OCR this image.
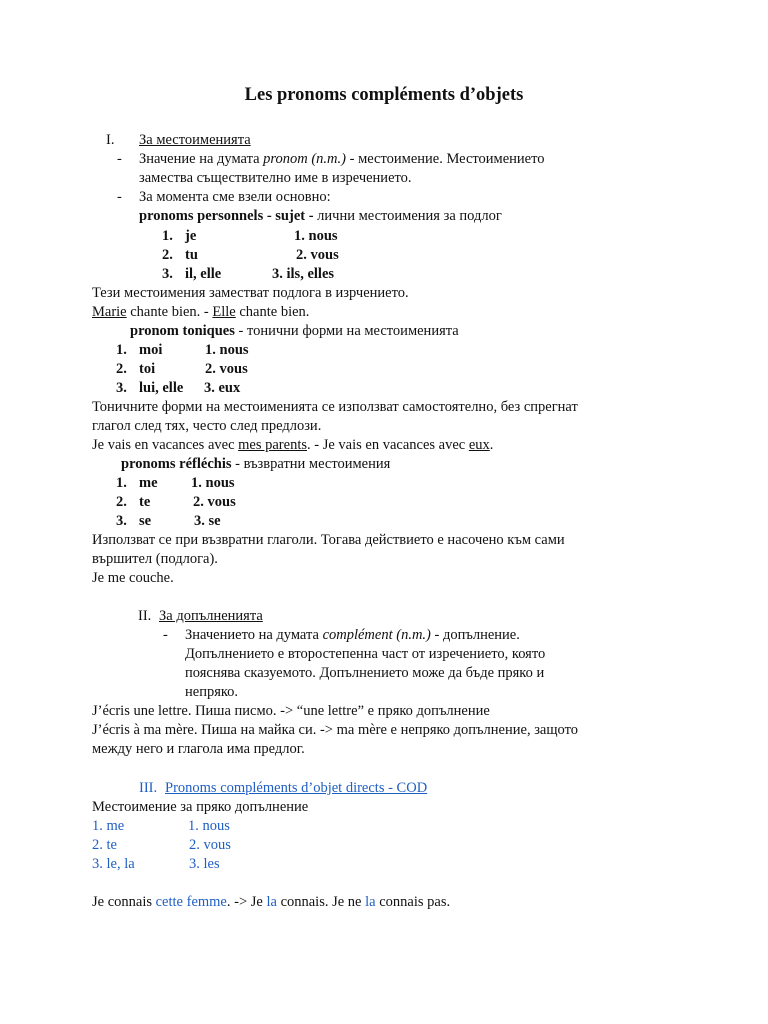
Les pronoms compléments d’objets
I. За местоименията
- Значение на думата pronom (n.m.) - местоимение. Местоимението
замества съществително име в изречението.
- За момента сме взели основно:
pronoms personnels - sujet - лични местоимения за подлог
1. je	1. nous
2. tu	2. vous
3. il, elle	3. ils, elles
Тези местоимения заместват подлога в изрчението.
Marie chante bien. - Elle chante bien.
pronom toniques - тонични форми на местоименията
1. moi	1. nous
2. toi	2. vous
3. lui, elle 3. eux
Тоничните форми на местоименията се използват самостоятелно, без спрегнат
глагол след тях, често след предлози.
Je vais en vacances avec mes parents. - Je vais en vacances avec eux.
pronoms réfléchis - възвратни местоимения
1. me 1. nous
2. te	2. vous
3. se	3. se
Използват се при възвратни глаголи. Тогава действието е насочено към сами
вършител (подлога).
Je me couche.
II. За допълненията
- Значението на думата complément (n.m.) - допълнение.
Допълнението е второстепенна част от изречението, която
пояснява сказуемото. Допълнението може да бъде пряко и
непряко.
J’écris une lettre. Пиша писмо. -> “une lettre” е пряко допълнение
J’écris à ma mère. Пиша на майка си. -> ma mère е непряко допълнение, защото
между него и глагола има предлог.
III. Pronoms compléments d’objet directs - COD
Местоимение за пряко допълнение
1. me	1. nous
2. te	2. vous
3. le, la	3. les
Je connais cette femme. -> Je la connais. Je ne la connais pas.
